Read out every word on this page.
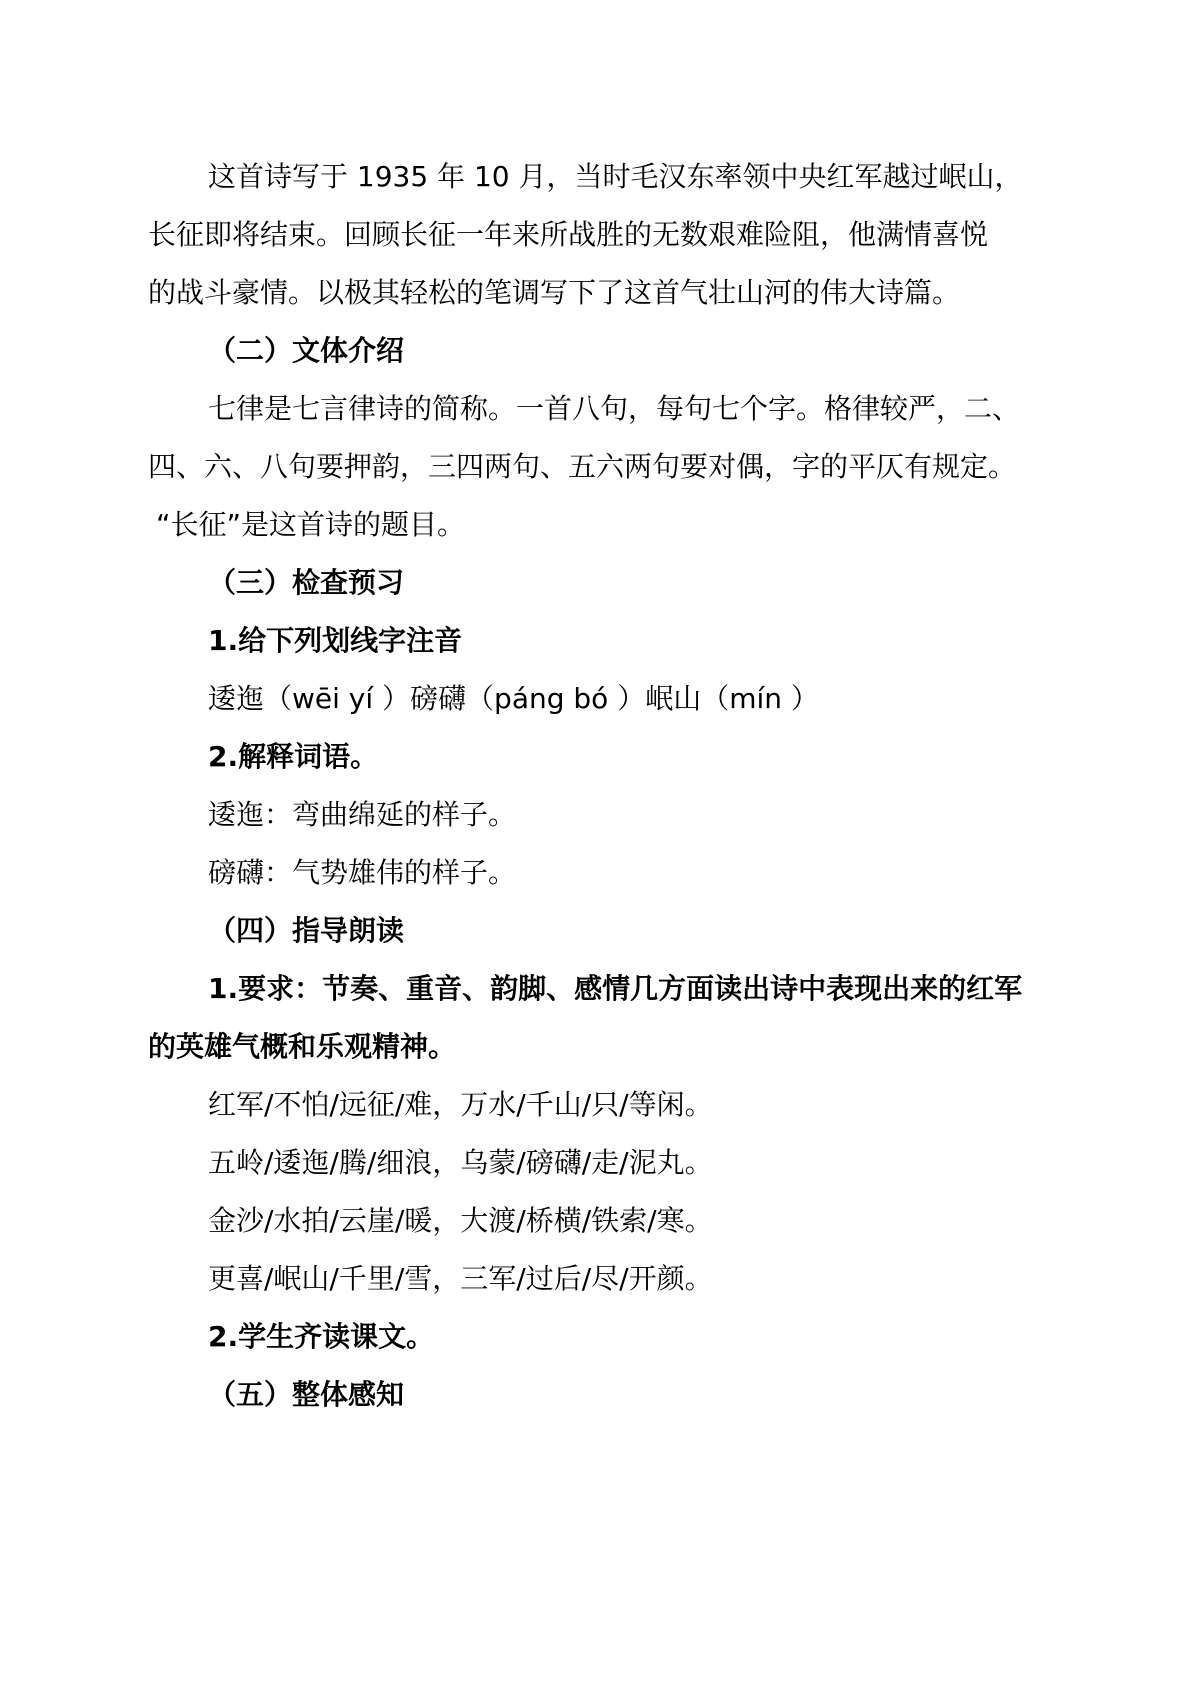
这首诗写于 1935 年 10 月，当时毛汉东率领中央红军越过岷山，
长征即将结束。回顾长征一年来所战胜的无数艰难险阻，他满情喜悦
的战斗豪情。以极其轻松的笔调写下了这首气壮山河的伟大诗篇。
（二）文体介绍
七律是七言律诗的简称。一首八句，每句七个字。格律较严，二、
四、六、八句要押韵，三四两句、五六两句要对偶，字的平仄有规定。
“长征”是这首诗的题目。
（三）检查预习
1.给下列划线字注音
逶迤（wēi yí ）磅礴（páng bó ）岷山（mín ）
2.解释词语。
逶迤：弯曲绵延的样子。
磅礴：气势雄伟的样子。
（四）指导朗读
1.要求：节奏、重音、韵脚、感情几方面读出诗中表现出来的红军
的英雄气概和乐观精神。
红军/不怕/远征/难，万水/千山/只/等闲。
五岭/逶迤/腾/细浪，乌蒙/磅礴/走/泥丸。
金沙/水拍/云崖/暖，大渡/桥横/铁索/寒。
更喜/岷山/千里/雪，三军/过后/尽/开颜。
2.学生齐读课文。
（五）整体感知
